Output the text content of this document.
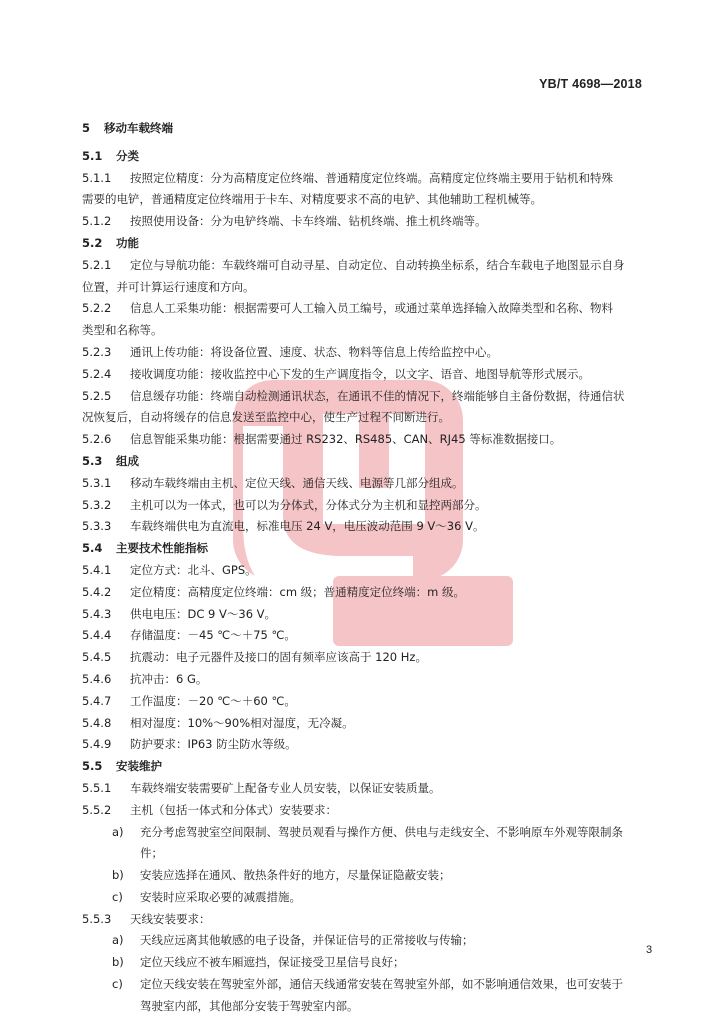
YB/T 4698—2018
5	移动车载终端
5.1	分类
5.1.1	按照定位精度：分为高精度定位终端、普通精度定位终端。高精度定位终端主要用于钻机和特殊
需要的电铲，普通精度定位终端用于卡车、对精度要求不高的电铲、其他辅助工程机械等。
5.1.2	按照使用设备：分为电铲终端、卡车终端、钻机终端、推土机终端等。
5.2	功能
5.2.1	定位与导航功能：车载终端可自动寻星、自动定位、自动转换坐标系，结合车载电子地图显示自身
位置，并可计算运行速度和方向。
5.2.2	信息人工采集功能：根据需要可人工输入员工编号，或通过菜单选择输入故障类型和名称、物料
类型和名称等。
5.2.3	通讯上传功能：将设备位置、速度、状态、物料等信息上传给监控中心。
5.2.4	接收调度功能：接收监控中心下发的生产调度指令，以文字、语音、地图导航等形式展示。
5.2.5	信息缓存功能：终端自动检测通讯状态，在通讯不佳的情况下，终端能够自主备份数据，待通信状
况恢复后，自动将缓存的信息发送至监控中心，使生产过程不间断进行。
5.2.6	信息智能采集功能：根据需要通过 RS232、RS485、CAN、RJ45 等标准数据接口。
5.3	组成
5.3.1	移动车载终端由主机、定位天线、通信天线、电源等几部分组成。
5.3.2	主机可以为一体式，也可以为分体式，分体式分为主机和显控两部分。
5.3.3	车载终端供电为直流电，标准电压 24 V，电压波动范围 9 V～36 V。
5.4	主要技术性能指标
5.4.1	定位方式：北斗、GPS。
5.4.2	定位精度：高精度定位终端：cm 级；普通精度定位终端：m 级。
5.4.3	供电电压：DC 9 V～36 V。
5.4.4	存储温度：－45 ℃～＋75 ℃。
5.4.5	抗震动：电子元器件及接口的固有频率应该高于 120 Hz。
5.4.6	抗冲击：6 G。
5.4.7	工作温度：－20 ℃～＋60 ℃。
5.4.8	相对湿度：10%～90%相对湿度，无冷凝。
5.4.9	防护要求：IP63 防尘防水等级。
5.5	安装维护
5.5.1	车载终端安装需要矿上配备专业人员安装，以保证安装质量。
5.5.2	主机（包括一体式和分体式）安装要求：
a)	充分考虑驾驶室空间限制、驾驶员观看与操作方便、供电与走线安全、不影响原车外观等限制条
件；
b)	安装应选择在通风、散热条件好的地方，尽量保证隐蔽安装；
c)	安装时应采取必要的减震措施。
5.5.3	天线安装要求：
a)	天线应远离其他敏感的电子设备，并保证信号的正常接收与传输；
b)	定位天线应不被车厢遮挡，保证接受卫星信号良好；
c)	定位天线安装在驾驶室外部，通信天线通常安装在驾驶室外部，如不影响通信效果，也可安装于
驾驶室内部，其他部分安装于驾驶室内部。
3
